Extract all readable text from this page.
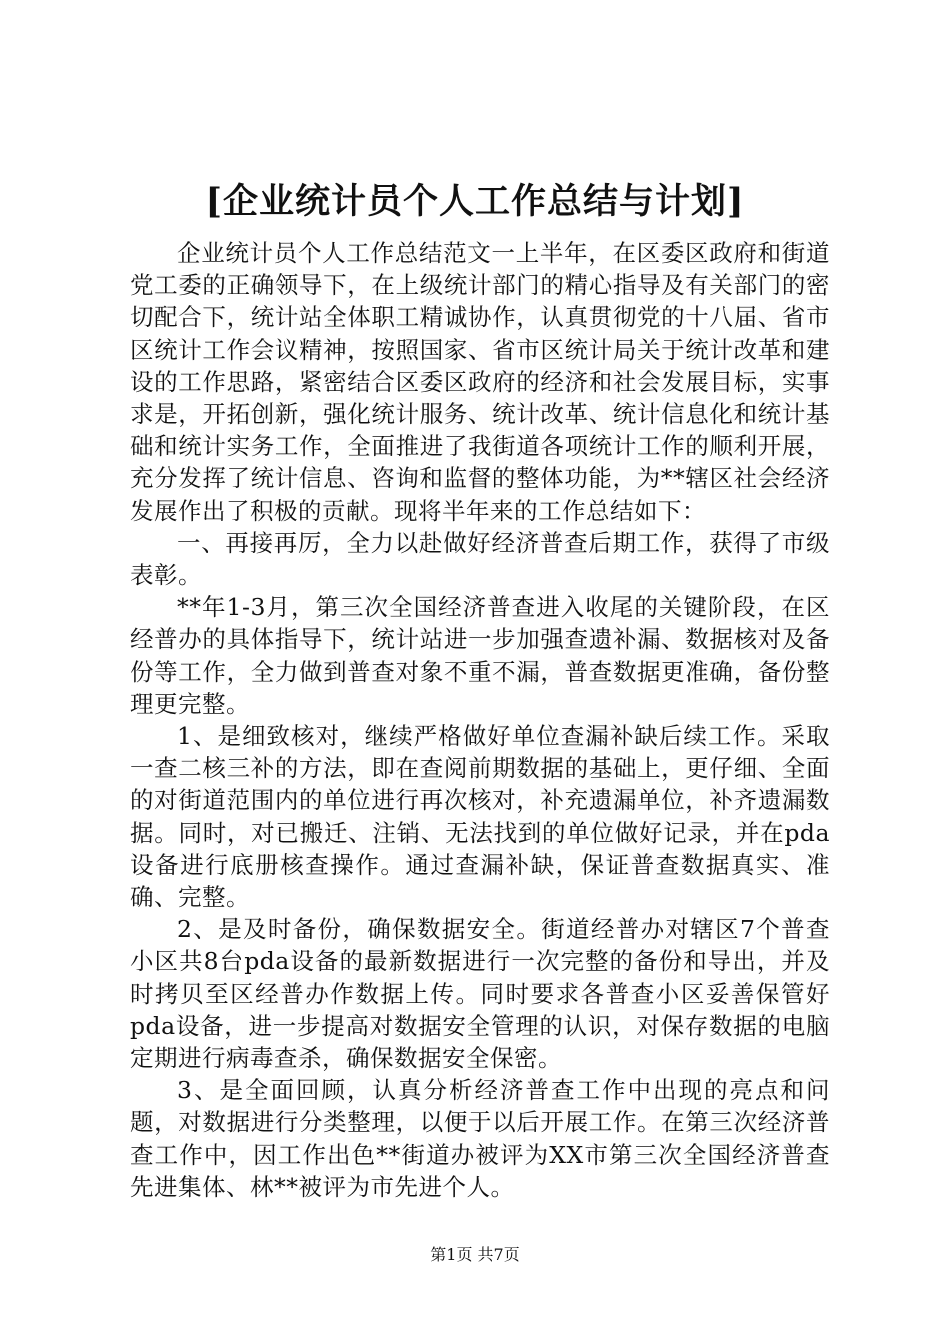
[企业统计员个人工作总结与计划]

企业统计员个人工作总结范文一上半年，在区委区政府和街道党工委的正确领导下，在上级统计部门的精心指导及有关部门的密切配合下，统计站全体职工精诚协作，认真贯彻党的十八届、省市区统计工作会议精神，按照国家、省市区统计局关于统计改革和建设的工作思路，紧密结合区委区政府的经济和社会发展目标，实事求是，开拓创新，强化统计服务、统计改革、统计信息化和统计基础和统计实务工作，全面推进了我街道各项统计工作的顺利开展，充分发挥了统计信息、咨询和监督的整体功能，为**辖区社会经济发展作出了积极的贡献。现将半年来的工作总结如下：

一、再接再厉，全力以赴做好经济普查后期工作，获得了市级表彰。

**年1-3月，第三次全国经济普查进入收尾的关键阶段，在区经普办的具体指导下，统计站进一步加强查遗补漏、数据核对及备份等工作，全力做到普查对象不重不漏，普查数据更准确，备份整理更完整。

1、是细致核对，继续严格做好单位查漏补缺后续工作。采取一查二核三补的方法，即在查阅前期数据的基础上，更仔细、全面的对街道范围内的单位进行再次核对，补充遗漏单位，补齐遗漏数据。同时，对已搬迁、注销、无法找到的单位做好记录，并在pda设备进行底册核查操作。通过查漏补缺，保证普查数据真实、准确、完整。

2、是及时备份，确保数据安全。街道经普办对辖区7个普查小区共8台pda设备的最新数据进行一次完整的备份和导出，并及时拷贝至区经普办作数据上传。同时要求各普查小区妥善保管好pda设备，进一步提高对数据安全管理的认识，对保存数据的电脑定期进行病毒查杀，确保数据安全保密。

3、是全面回顾，认真分析经济普查工作中出现的亮点和问题，对数据进行分类整理，以便于以后开展工作。在第三次经济普查工作中，因工作出色**街道办被评为XX市第三次全国经济普查先进集体、林**被评为市先进个人。

第1页 共7页
